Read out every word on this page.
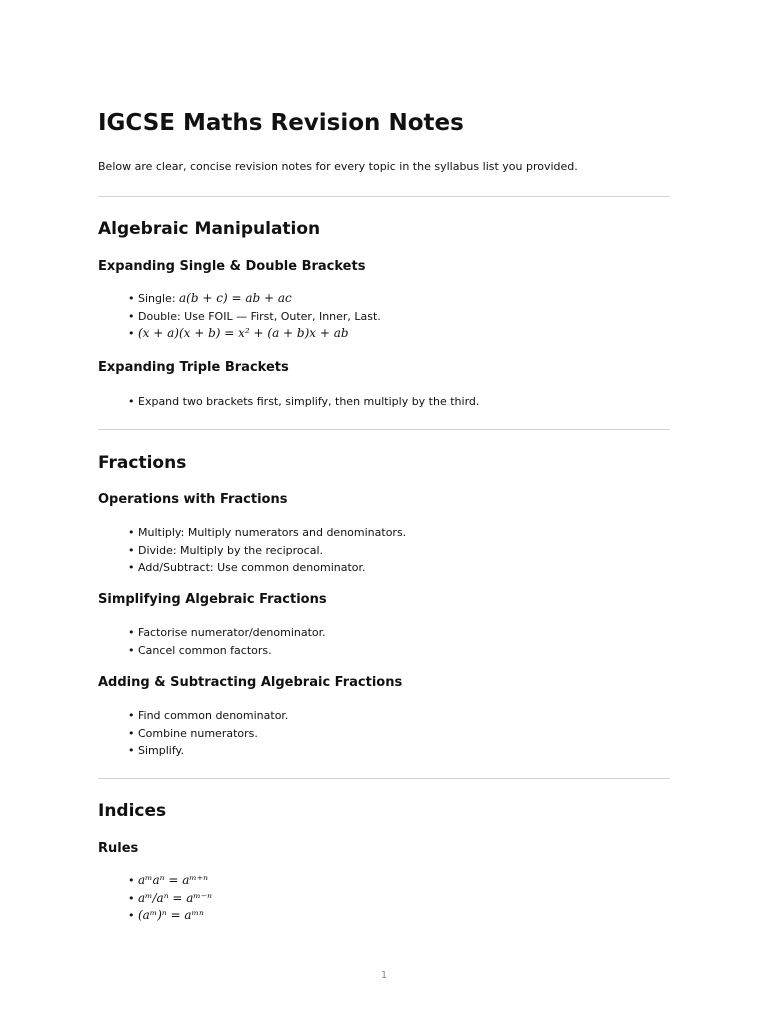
IGCSE Maths Revision Notes

Below are clear, concise revision notes for every topic in the syllabus list you provided.

Algebraic Manipulation
Expanding Single & Double Brackets
• Single: a(b + c) = ab + ac
• Double: Use FOIL — First, Outer, Inner, Last.
• (x + a)(x + b) = x² + (a + b)x + ab
Expanding Triple Brackets
• Expand two brackets first, simplify, then multiply by the third.
Fractions
Operations with Fractions
• Multiply: Multiply numerators and denominators.
• Divide: Multiply by the reciprocal.
• Add/Subtract: Use common denominator.
Simplifying Algebraic Fractions
• Factorise numerator/denominator.
• Cancel common factors.
Adding & Subtracting Algebraic Fractions
• Find common denominator.
• Combine numerators.
• Simplify.
Indices
Rules
• aᵐaⁿ = aᵐ⁺ⁿ
• aᵐ/aⁿ = aᵐ⁻ⁿ
• (aᵐ)ⁿ = aᵐⁿ
1
